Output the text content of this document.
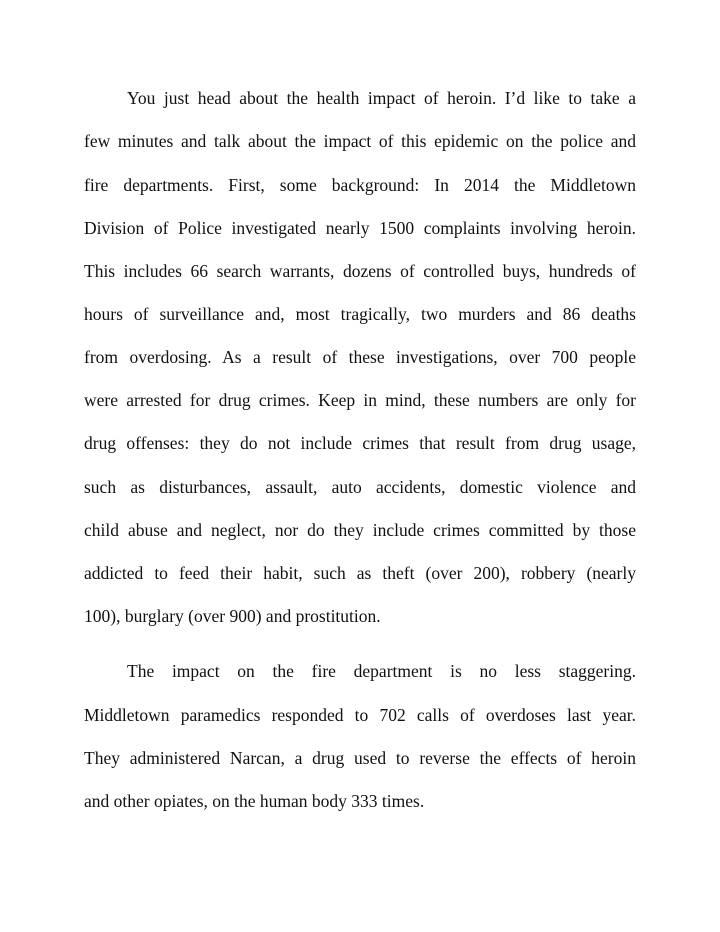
You just head about the health impact of heroin. I’d like to take a

few minutes and talk about the impact of this epidemic on the police and

fire departments. First, some background: In 2014 the Middletown

Division of Police investigated nearly 1500 complaints involving heroin.

This includes 66 search warrants, dozens of controlled buys, hundreds of

hours of surveillance and, most tragically, two murders and 86 deaths

from overdosing. As a result of these investigations, over 700 people

were arrested for drug crimes. Keep in mind, these numbers are only for

drug offenses: they do not include crimes that result from drug usage,

such as disturbances, assault, auto accidents, domestic violence and

child abuse and neglect, nor do they include crimes committed by those

addicted to feed their habit, such as theft (over 200), robbery (nearly

100), burglary (over 900) and prostitution.

The impact on the fire department is no less staggering.

Middletown paramedics responded to 702 calls of overdoses last year.

They administered Narcan, a drug used to reverse the effects of heroin

and other opiates, on the human body 333 times.
